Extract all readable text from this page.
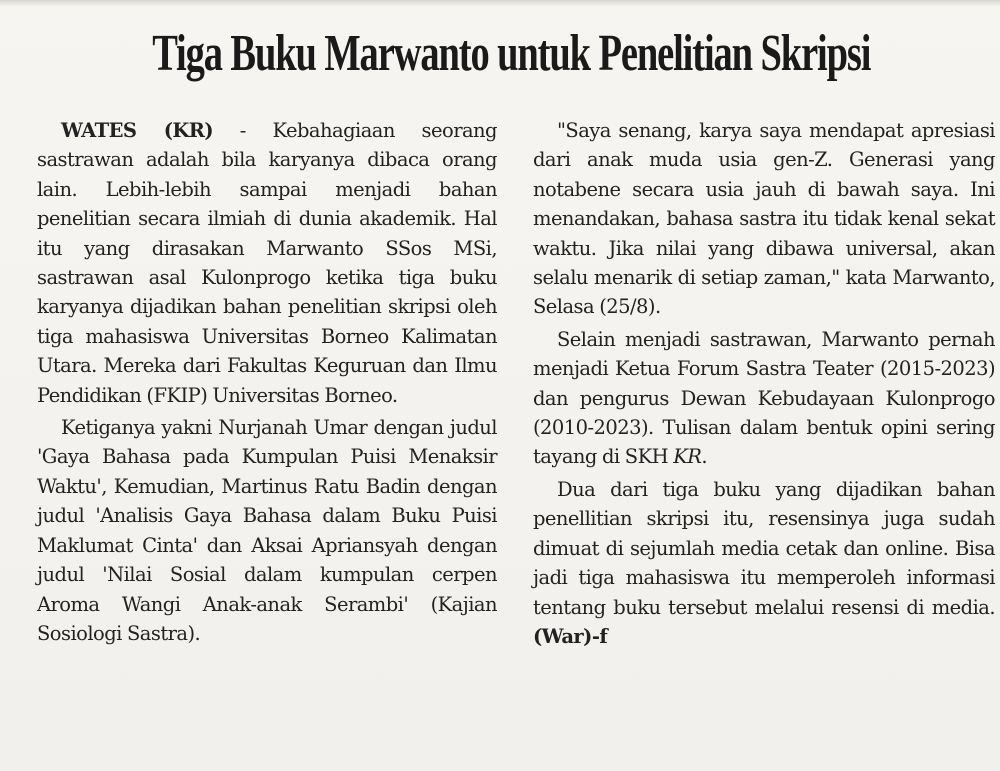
Tiga Buku Marwanto untuk Penelitian Skripsi

WATES (KR) - Kebahagiaan seorang sastrawan adalah bila karyanya dibaca orang lain. Lebih-lebih sampai menjadi bahan penelitian secara ilmiah di dunia akademik. Hal itu yang dirasakan Marwanto SSos MSi, sastrawan asal Kulonprogo ketika tiga buku karyanya dijadikan bahan penelitian skripsi oleh tiga mahasiswa Universitas Borneo Kalimatan Utara. Mereka dari Fakultas Keguruan dan Ilmu Pendidikan (FKIP) Universitas Borneo.

Ketiganya yakni Nurjanah Umar dengan judul 'Gaya Bahasa pada Kumpulan Puisi Menaksir Waktu', Kemudian, Martinus Ratu Badin dengan judul 'Analisis Gaya Bahasa dalam Buku Puisi Maklumat Cinta' dan Aksai Apriansyah dengan judul 'Nilai Sosial dalam kumpulan cerpen Aroma Wangi Anak-anak Serambi' (Kajian Sosiologi Sastra).

"Saya senang, karya saya mendapat apresiasi dari anak muda usia gen-Z. Generasi yang notabene secara usia jauh di bawah saya. Ini menandakan, bahasa sastra itu tidak kenal sekat waktu. Jika nilai yang dibawa universal, akan selalu menarik di setiap zaman," kata Marwanto, Selasa (25/8).

Selain menjadi sastrawan, Marwanto pernah menjadi Ketua Forum Sastra Teater (2015-2023) dan pengurus Dewan Kebudayaan Kulonprogo (2010-2023). Tulisan dalam bentuk opini sering tayang di SKH KR.

Dua dari tiga buku yang dijadikan bahan penellitian skripsi itu, resensinya juga sudah dimuat di sejumlah media cetak dan online. Bisa jadi tiga mahasiswa itu memperoleh informasi tentang buku tersebut melalui resensi di media. (War)-f
